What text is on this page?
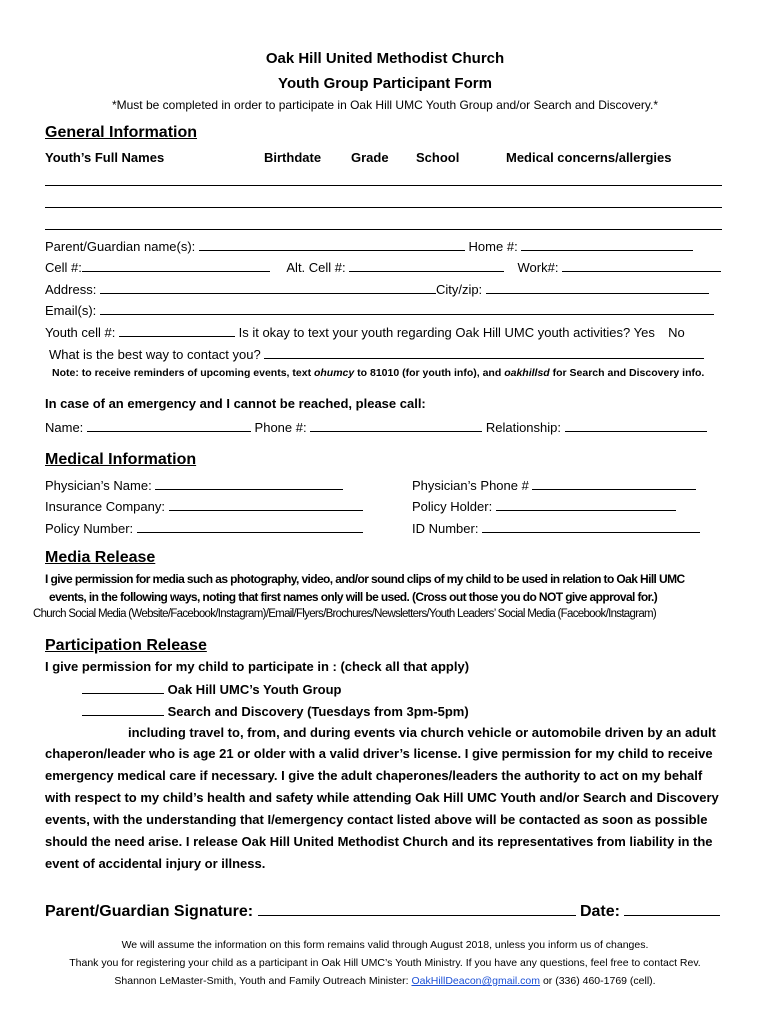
Oak Hill United Methodist Church
Youth Group Participant Form
*Must be completed in order to participate in Oak Hill UMC Youth Group and/or Search and Discovery.*
General Information
Youth’s Full Names	Birthdate Grade School	Medical concerns/allergies
Parent/Guardian name(s):	Home #:
Cell #:	Alt. Cell #:	Work#:
Address:	City/zip:
Email(s):
Youth cell #:	Is it okay to text your youth regarding Oak Hill UMC youth activities? Yes No
What is the best way to contact you?
Note: to receive reminders of upcoming events, text ohumcy to 81010 (for youth info), and oakhillsd for Search and Discovery info.
In case of an emergency and I cannot be reached, please call:
Name:	Phone #:	Relationship:
Medical Information
Physician’s Name:	Physician’s Phone #
Insurance Company:	Policy Holder:
Policy Number:	ID Number:
Media Release
I give permission for media such as photography, video, and/or sound clips of my child to be used in relation to Oak Hill UMC
events, in the following ways, noting that first names only will be used. (Cross out those you do NOT give approval for.)
Church Social Media (Website/Facebook/Instagram)/Email/Flyers/Brochures/Newsletters/Youth Leaders’ Social Media (Facebook/Instagram)
Participation Release
I give permission for my child to participate in : (check all that apply)
Oak Hill UMC’s Youth Group
Search and Discovery (Tuesdays from 3pm-5pm)
including travel to, from, and during events via church vehicle or automobile driven by an adult
chaperon/leader who is age 21 or older with a valid driver’s license. I give permission for my child to receive emergency medical care if necessary. I give the adult chaperones/leaders the authority to act on my behalf with respect to my child’s health and safety while attending Oak Hill UMC Youth and/or Search and Discovery events, with the understanding that I/emergency contact listed above will be contacted as soon as possible should the need arise. I release Oak Hill United Methodist Church and its representatives from liability in the event of accidental injury or illness.
Parent/Guardian Signature:	Date:
We will assume the information on this form remains valid through August 2018, unless you inform us of changes.
Thank you for registering your child as a participant in Oak Hill UMC’s Youth Ministry. If you have any questions, feel free to contact Rev.
Shannon LeMaster-Smith, Youth and Family Outreach Minister: OakHillDeacon@gmail.com or (336) 460-1769 (cell).
